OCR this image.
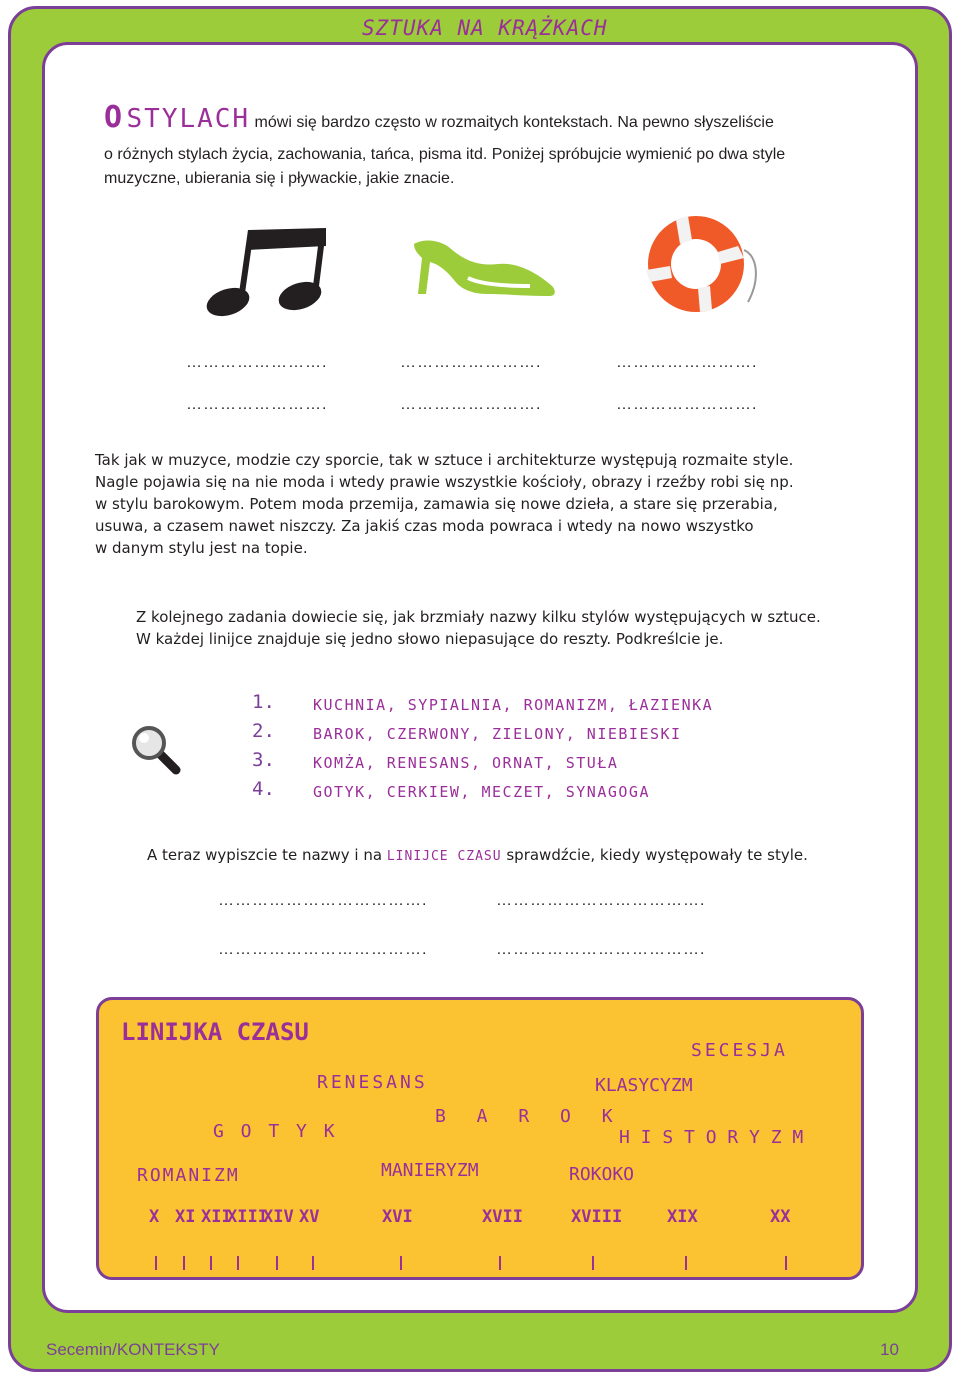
SZTUKA NA KRĄŻKACH
O STYLACH mówi się bardzo często w rozmaitych kontekstach. Na pewno słyszeliście
o różnych stylach życia, zachowania, tańca, pisma itd. Poniżej spróbujcie wymienić po dwa style
muzyczne, ubierania się i pływackie, jakie znacie.
…………………….	…………………….	…………………….
…………………….	…………………….	…………………….
Tak jak w muzyce, modzie czy sporcie, tak w sztuce i architekturze występują rozmaite style.
Nagle pojawia się na nie moda i wtedy prawie wszystkie kościoły, obrazy i rzeźby robi się np.
w stylu barokowym. Potem moda przemija, zamawia się nowe dzieła, a stare się przerabia,
usuwa, a czasem nawet niszczy. Za jakiś czas moda powraca i wtedy na nowo wszystko
w danym stylu jest na topie.
Z kolejnego zadania dowiecie się, jak brzmiały nazwy kilku stylów występujących w sztuce.
W każdej linijce znajduje się jedno słowo niepasujące do reszty. Podkreślcie je.
1.	KUCHNIA, SYPIALNIA, ROMANIZM, ŁAZIENKA
2.	BAROK, CZERWONY, ZIELONY, NIEBIESKI
3.	KOMŻA, RENESANS, ORNAT, STUŁA
4.	GOTYK, CERKIEW, MECZET, SYNAGOGA
A teraz wypiszcie te nazwy i na LINIJCE CZASU sprawdźcie, kiedy występowały te style.
……………………………….	……………………………….
……………………………….	……………………………….
LINIJKA CZASU
SECESJA
RENESANS	KLASYCYZM
G O T Y K
B A R O K
H I S T O R Y Z M
ROMANIZM	MANIERYZM	ROKOKO
X XI XII
XIII
XIV XV	XVI	XVII	XVIII	XIX	XX
Secemin/KONTEKSTY	10
